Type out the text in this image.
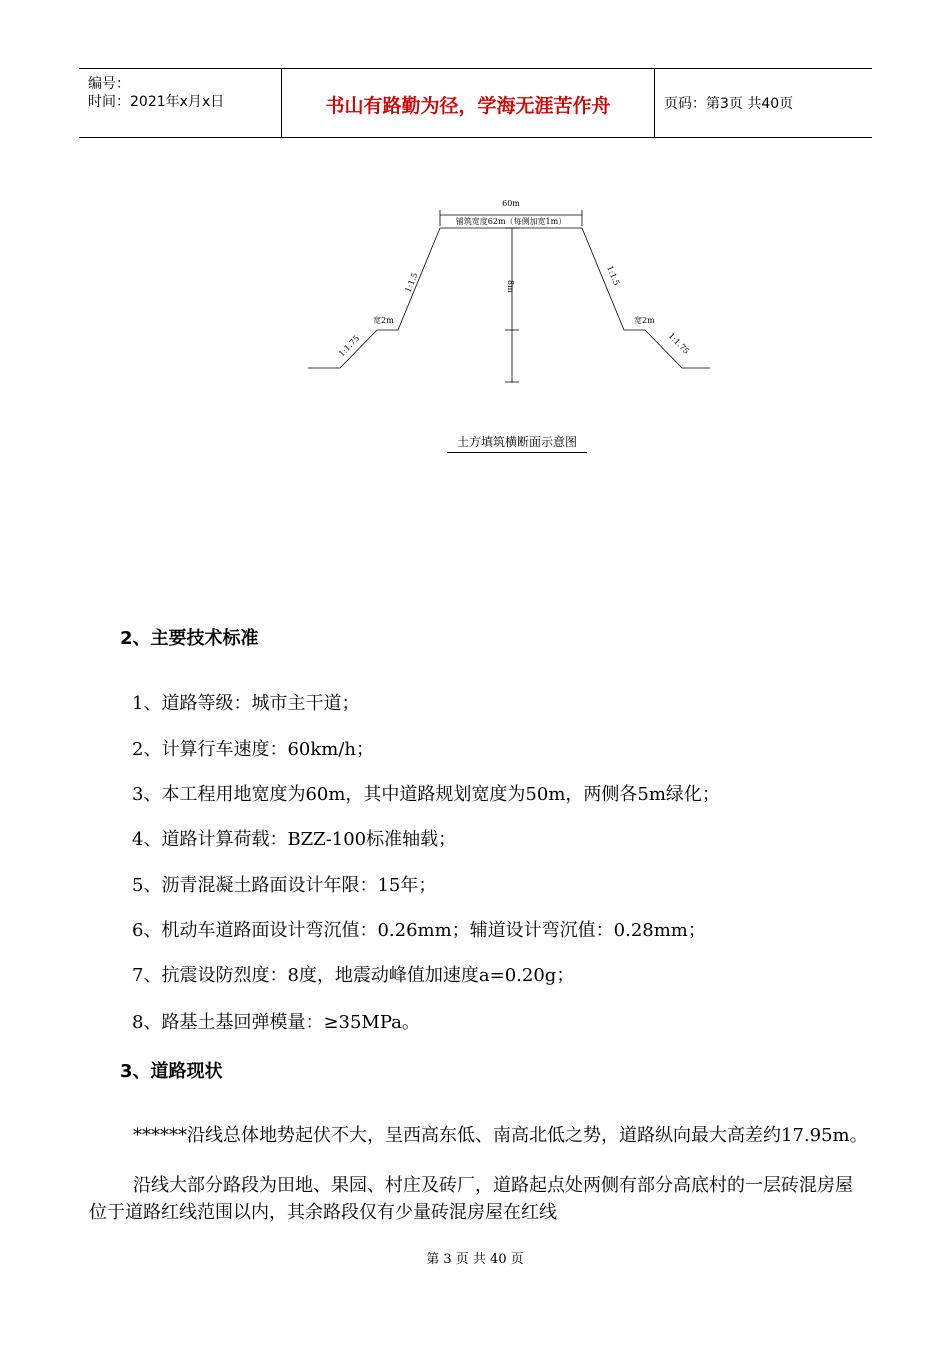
编号：
时间：2021年x月x日	书山有路勤为径，学海无涯苦作舟	页码：第3页 共40页
60m
铺筑宽度62m（每侧加宽1m）
8m
1:1.5	1:1.5
1:1.75	1:1.75
宽2m	宽2m
土方填筑横断面示意图
2、主要技术标准
1、道路等级：城市主干道；
2、计算行车速度：60km/h；
3、本工程用地宽度为60m，其中道路规划宽度为50m，两侧各5m绿化；
4、道路计算荷载：BZZ-100标准轴载；
5、沥青混凝土路面设计年限：15年；
6、机动车道路面设计弯沉值：0.26mm；辅道设计弯沉值：0.28mm；
7、抗震设防烈度：8度，地震动峰值加速度a=0.20g；
8、路基土基回弹模量：≥35MPa。
3、道路现状
******沿线总体地势起伏不大，呈西高东低、南高北低之势，道路纵向最大高差约17.95m。
沿线大部分路段为田地、果园、村庄及砖厂，道路起点处两侧有部分高底村的一层砖混房屋位于道路红线范围以内，其余路段仅有少量砖混房屋在红线
第 3 页 共 40 页
